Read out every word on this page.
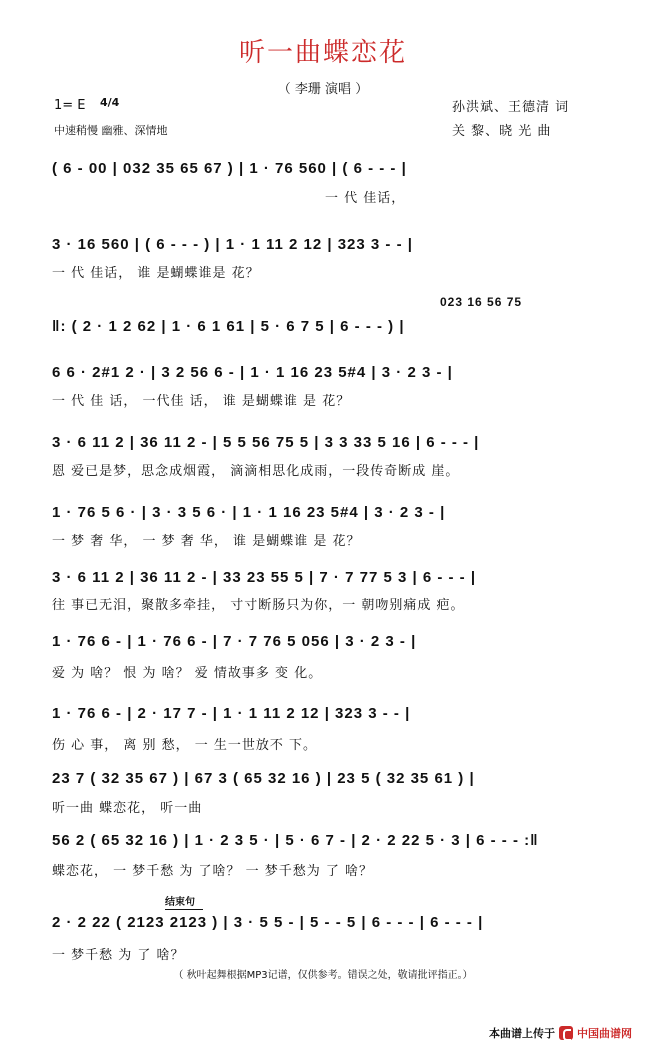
听一曲蝶恋花
（ 李珊 演唱 ）
1= E 4/4
中速稍慢 幽雅、深情地
孙洪斌、王德清 词
关 黎、晓 光 曲
( 6 - 00 | 032 35 65 67 ) | 1 · 76 560 | ( 6 - - - |
一 代 佳话，
3 · 16 560 | ( 6 - - - ) | 1 · 1 11 2 12 | 323 3 - - |
一 代 佳话， 谁 是蝴蝶谁是 花？
023 16 56 75
‖: ( 2 · 1 2 62 | 1 · 6 1 61 | 5 · 6 7 5 | 6 - - - ) |
6 6 · 2#1 2 · | 3 2 56 6 - | 1 · 1 16 23 5#4 | 3 · 2 3 - |
一 代 佳 话， 一代佳 话， 谁 是蝴蝶谁 是 花？
3 · 6 11 2 | 36 11 2 - | 5 5 56 75 5 | 3 3 33 5 16 | 6 - - - |
恩 爱已是梦，思念成烟霞， 滴滴相思化成雨，一段传奇断成 崖。
1 · 76 5 6 · | 3 · 3 5 6 · | 1 · 1 16 23 5#4 | 3 · 2 3 - |
一 梦 奢 华， 一 梦 奢 华， 谁 是蝴蝶谁 是 花？
3 · 6 11 2 | 36 11 2 - | 33 23 55 5 | 7 · 7 77 5 3 | 6 - - - |
往 事已无泪，聚散多牵挂， 寸寸断肠只为你，一 朝吻别痛成 疤。
1 · 76 6 - | 1 · 76 6 - | 7 · 7 76 5 056 | 3 · 2 3 - |
爱 为 啥？ 恨 为 啥？ 爱 情故事多 变 化。
1 · 76 6 - | 2 · 17 7 - | 1 · 1 11 2 12 | 323 3 - - |
伤 心 事， 离 别 愁， 一 生一世放不 下。
23 7 ( 32 35 67 ) | 67 3 ( 65 32 16 ) | 23 5 ( 32 35 61 ) |
听一曲 蝶恋花， 听一曲
56 2 ( 65 32 16 ) | 1 · 2 3 5 · | 5 · 6 7 - | 2 · 2 22 5 · 3 | 6 - - - :‖
蝶恋花， 一 梦千愁 为 了啥？ 一 梦千愁为 了 啥？
结束句
2 · 2 22 ( 2123 2123 ) | 3 · 5 5 - | 5 - - 5 | 6 - - - | 6 - - - |
一 梦千愁 为 了 啥？
（ 秋叶起舞根据MP3记谱，仅供参考。错误之处，敬请批评指正。）
本曲谱上传于 中国曲谱网
